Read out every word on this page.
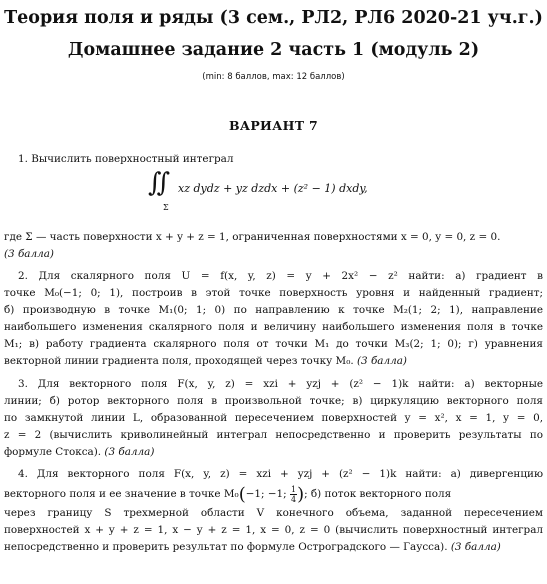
Теория поля и ряды (3 сем., РЛ2, РЛ6 2020-21 уч.г.)
Домашнее задание 2 часть 1 (модуль 2)
(min: 8 баллов, max: 12 баллов)
ВАРИАНТ 7
1. Вычислить поверхностный интеграл
∬
Σ
xz dydz + yz dzdx + (z² − 1) dxdy,
где Σ — часть поверхности x + y + z = 1, ограниченная поверхностями x = 0, y = 0, z = 0.
(3 балла)
2. Для скалярного поля U = f(x, y, z) = y + 2x² − z² найти: а) градиент в
точке M₀(−1; 0; 1), построив в этой точке поверхность уровня и найденный градиент;
б) производную в точке M₁(0; 1; 0) по направлению к точке M₂(1; 2; 1), направление
наибольшего изменения скалярного поля и величину наибольшего изменения поля в точке
M₁; в) работу градиента скалярного поля от точки M₁ до точки M₃(2; 1; 0); г) уравнения
векторной линии градиента поля, проходящей через точку M₀. (3 балла)
3. Для векторного поля F(x, y, z) = xzi + yzj + (z² − 1)k найти: а) векторные
линии; б) ротор векторного поля в произвольной точке; в) циркуляцию векторного поля
по замкнутой линии L, образованной пересечением поверхностей y = x², x = 1, y = 0,
z = 2 (вычислить криволинейный интеграл непосредственно и проверить результаты по
формуле Стокса). (3 балла)
4. Для векторного поля F(x, y, z) = xzi + yzj + (z² − 1)k найти: а) дивергенцию
векторного поля и ее значение в точке M₀(−1; −1; $\frac{1}{4}$ ); б) поток векторного поля
через границу S трехмерной области V конечного объема, заданной пересечением
поверхностей x + y + z = 1, x − y + z = 1, x = 0, z = 0 (вычислить поверхностный интеграл
непосредственно и проверить результат по формуле Остроградского — Гаусса). (3 балла)
